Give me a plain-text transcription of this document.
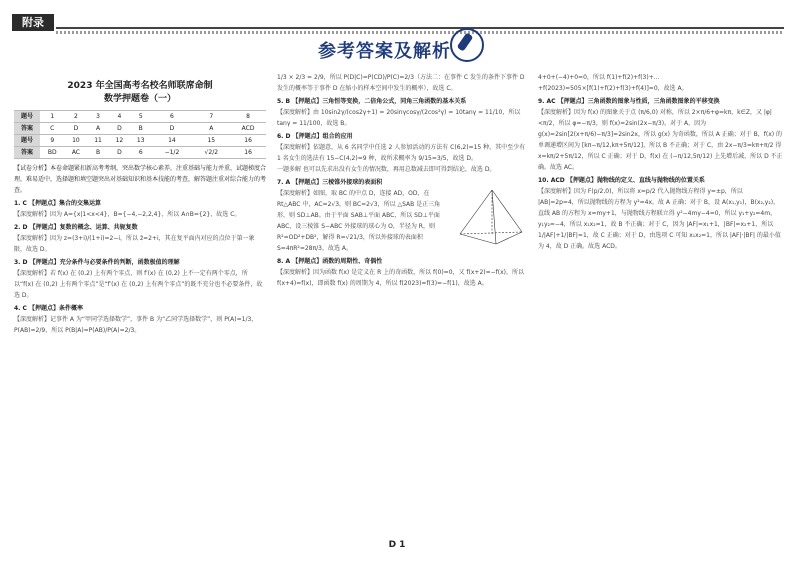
附录
参考答案及解析
2023 年全国高考名校名师联席命制
数学押题卷（一）
题号	1	2	3	4	5	6	7	8
答案	C	D	A	D	B	D	A	ACD
题号	9	10	11	12	13	14	15	16
答案	BD	AC	B	D	6	−1/2	√2/2	16
【试卷分析】本卷命题紧扣新高考考纲，突出数学核心素养，注重基础与能力并重，试题梯度合理，难易适中，选择题和填空题突出对基础知识和基本技能的考查，解答题注重对综合能力的考查。
1. C 【押题点】集合的交集运算
【深度解析】因为 A={x|1<x<4}，B={−4,−2,2,4}，所以 A∩B={2}，故选 C。
2. D 【押题点】复数的概念、运算、共轭复数
【深度解析】因为 z=(3+i)/(1+i)=2−i，所以 z̄=2+i，其在复平面内对应的点位于第一象限，故选 D。
3. D 【押题点】充分条件与必要条件的判断，函数极值的理解
【深度解析】若 f(x) 在 (0,2) 上有两个零点，则 f′(x) 在 (0,2) 上不一定有两个零点，所以“f(x) 在 (0,2) 上有两个零点”是“f′(x) 在 (0,2) 上有两个零点”的既不充分也不必要条件，故选 D。
4. C 【押题点】条件概率
【深度解析】记事件 A 为“甲同学选择数学”，事件 B 为“乙同学选择数学”，则 P(A)=1/3，P(AB)=2/9，所以 P(B|A)=P(AB)/P(A)=2/3。
1/3 × 2/3 = 2/9，所以 P(D|C)=P(CD)/P(C)=2/3（方法二：在事件 C 发生的条件下事件 D 发生的概率等于事件 D 在缩小的样本空间中发生的概率），故选 C。
5. B 【押题点】三角恒等变换，二倍角公式，同角三角函数的基本关系
【深度解析】由 10sin2γ/(cos2γ+1) = 20sinγcosγ/(2cos²γ) = 10tanγ = 11/10，所以 tanγ = 11/100，故选 B。
6. D 【押题点】组合的应用
【深度解析】依题意，从 6 名同学中任选 2 人参加活动的方法有 C(6,2)=15 种，其中至少有 1 名女生的选法有 15−C(4,2)=9 种，故所求概率为 9/15=3/5，故选 D。
一题多解 也可以先求出没有女生的情况数，再用总数减去即可得到结论，故选 D。
7. A 【押题点】三棱锥外接球的表面积
【深度解析】如图，取 BC 的中点 D，连接 AD，OD，在 Rt△ABC 中，AC=2√3，则 BC=2√3，所以 △SAB 是正三角形，则 SD⊥AB。由于平面 SAB⊥平面 ABC，所以 SD⊥平面 ABC，设三棱锥 S−ABC 外接球的球心为 O，半径为 R，则 R²=OD²+DB²，解得 R=√21/3，所以外接球的表面积 S=4πR²=28π/3，故选 A。
8. A 【押题点】函数的周期性、奇偶性
【深度解析】因为函数 f(x) 是定义在 R 上的奇函数，所以 f(0)=0，又 f(x+2)=−f(x)，所以 f(x+4)=f(x)，即函数 f(x) 的周期为 4，所以 f(2023)=f(3)=−f(1)，故选 A。
4+0+(−4)+0=0，所以 f(1)+f(2)+f(3)+…+f(2023)=505×[f(1)+f(2)+f(3)+f(4)]=0，故选 A。
9. AC 【押题点】三角函数的图象与性质，三角函数图象的平移变换
【深度解析】因为 f(x) 的图象关于点 (π/6,0) 对称，所以 2×π/6+φ=kπ，k∈Z，又 |φ|<π/2，所以 φ=−π/3，则 f(x)=2sin(2x−π/3)。对于 A，因为 g(x)=2sin[2(x+π/6)−π/3]=2sin2x，所以 g(x) 为奇函数，所以 A 正确；对于 B，f(x) 的单调递增区间为 [kπ−π/12,kπ+5π/12]，所以 B 不正确；对于 C，由 2x−π/3=kπ+π/2 得 x=kπ/2+5π/12，所以 C 正确；对于 D，f(x) 在 (−π/12,5π/12) 上先增后减，所以 D 不正确。故选 AC。
10. ACD 【押题点】抛物线的定义、直线与抛物线的位置关系
【深度解析】因为 F(p/2,0)，所以将 x=p/2 代入抛物线方程得 y=±p，所以 |AB|=2p=4，所以抛物线的方程为 y²=4x，故 A 正确；对于 B，设 A(x₁,y₁)，B(x₂,y₂)，直线 AB 的方程为 x=my+1，与抛物线方程联立得 y²−4my−4=0，所以 y₁+y₂=4m，y₁y₂=−4，所以 x₁x₂=1，故 B 不正确；对于 C，因为 |AF|=x₁+1，|BF|=x₂+1，所以 1/|AF|+1/|BF|=1，故 C 正确；对于 D，由选项 C 可知 x₁x₂=1，所以 |AF|·|BF| 的最小值为 4，故 D 正确。故选 ACD。
D 1
